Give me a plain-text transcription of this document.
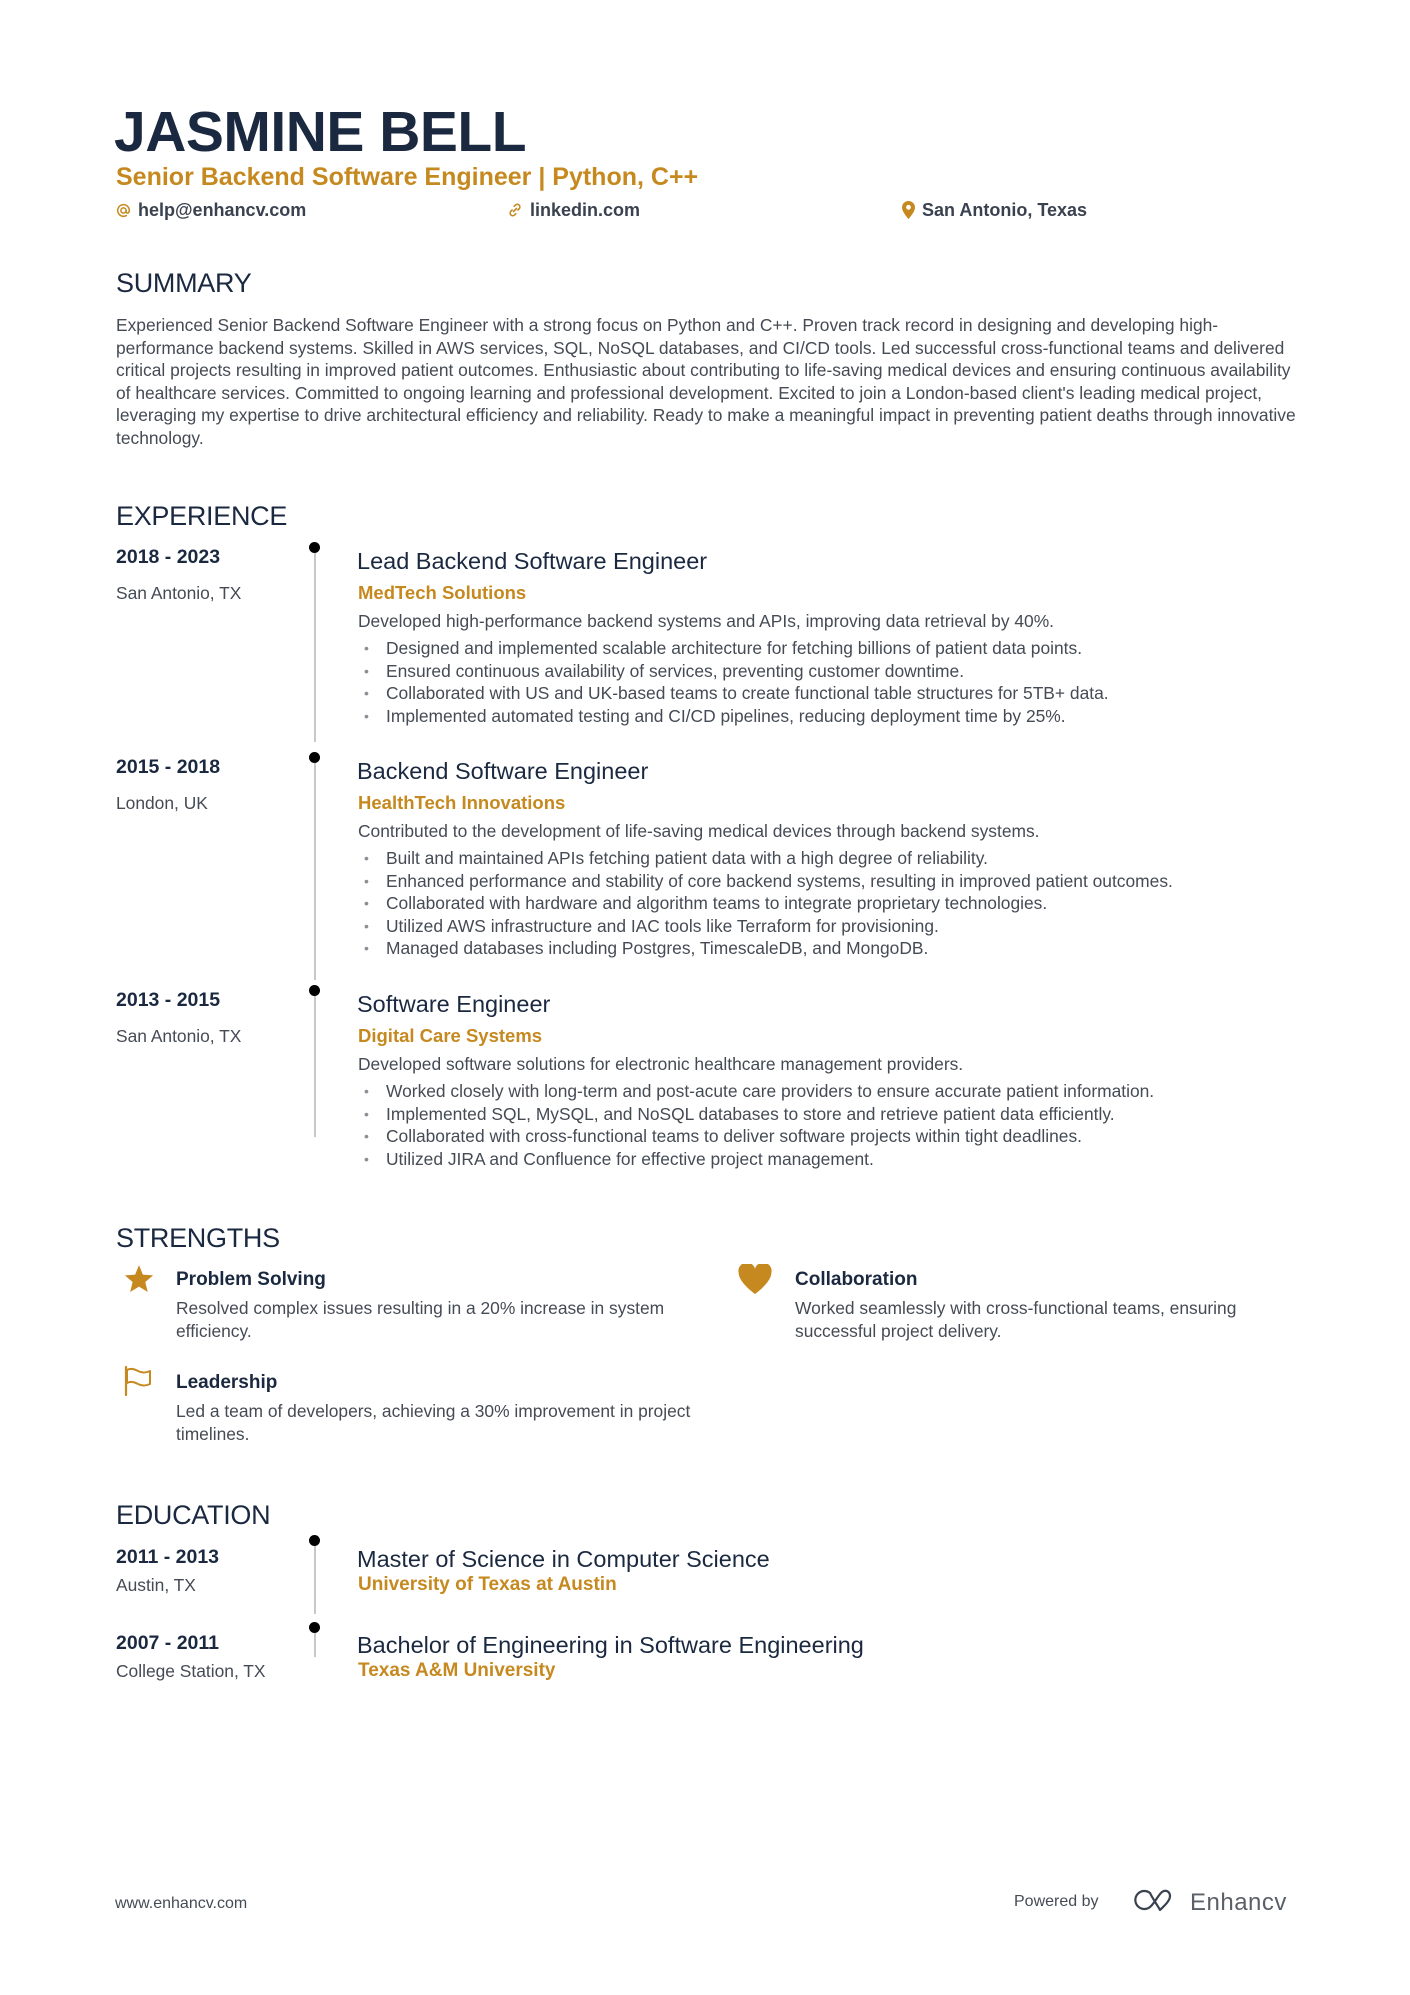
JASMINE BELL
Senior Backend Software Engineer | Python, C++
help@enhancv.com	linkedin.com	San Antonio, Texas
SUMMARY
Experienced Senior Backend Software Engineer with a strong focus on Python and C++. Proven track record in designing and developing high-performance backend systems. Skilled in AWS services, SQL, NoSQL databases, and CI/CD tools. Led successful cross-functional teams and delivered critical projects resulting in improved patient outcomes. Enthusiastic about contributing to life-saving medical devices and ensuring continuous availability of healthcare services. Committed to ongoing learning and professional development. Excited to join a London-based client's leading medical project, leveraging my expertise to drive architectural efficiency and reliability. Ready to make a meaningful impact in preventing patient deaths through innovative technology.
EXPERIENCE
2018 - 2023
San Antonio, TX
Lead Backend Software Engineer
MedTech Solutions
Developed high-performance backend systems and APIs, improving data retrieval by 40%.
• Designed and implemented scalable architecture for fetching billions of patient data points.
• Ensured continuous availability of services, preventing customer downtime.
• Collaborated with US and UK-based teams to create functional table structures for 5TB+ data.
• Implemented automated testing and CI/CD pipelines, reducing deployment time by 25%.
2015 - 2018
London, UK
Backend Software Engineer
HealthTech Innovations
Contributed to the development of life-saving medical devices through backend systems.
• Built and maintained APIs fetching patient data with a high degree of reliability.
• Enhanced performance and stability of core backend systems, resulting in improved patient outcomes.
• Collaborated with hardware and algorithm teams to integrate proprietary technologies.
• Utilized AWS infrastructure and IAC tools like Terraform for provisioning.
• Managed databases including Postgres, TimescaleDB, and MongoDB.
2013 - 2015
San Antonio, TX
Software Engineer
Digital Care Systems
Developed software solutions for electronic healthcare management providers.
• Worked closely with long-term and post-acute care providers to ensure accurate patient information.
• Implemented SQL, MySQL, and NoSQL databases to store and retrieve patient data efficiently.
• Collaborated with cross-functional teams to deliver software projects within tight deadlines.
• Utilized JIRA and Confluence for effective project management.
STRENGTHS
Problem Solving
Resolved complex issues resulting in a 20% increase in system efficiency.
Collaboration
Worked seamlessly with cross-functional teams, ensuring successful project delivery.
Leadership
Led a team of developers, achieving a 30% improvement in project timelines.
EDUCATION
2011 - 2013
Austin, TX
Master of Science in Computer Science
University of Texas at Austin
2007 - 2011
College Station, TX
Bachelor of Engineering in Software Engineering
Texas A&M University
www.enhancv.com	Powered by	Enhancv
